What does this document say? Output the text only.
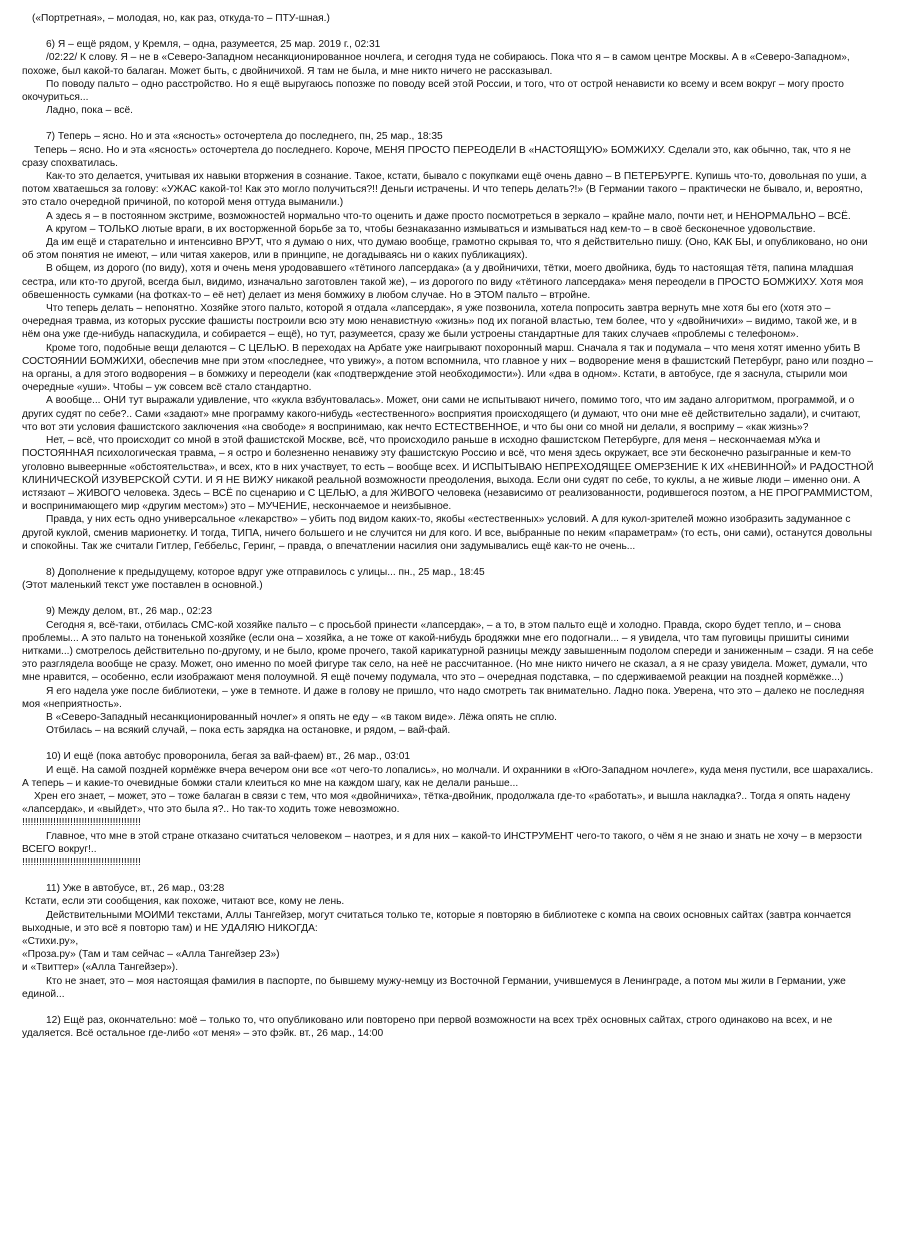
(«Портретная», – молодая, но, как раз, откуда-то – ПТУ-шная.)

6) Я – ещё рядом, у Кремля, – одна, разумеется, 25 мар. 2019 г., 02:31

/02:22/ К слову. Я – не в «Северо-Западном несанкционированное ночлега, и сегодня туда не собираюсь. Пока что я – в самом центре Москвы. А в «Северо-Западном», похоже, был какой-то балаган. Может быть, с двойничихой. Я там не была, и мне никто ничего не рассказывал.

По поводу пальто – одно расстройство. Но я ещё выругаюсь попозже по поводу всей этой России, и того, что от острой ненависти ко всему и всем вокруг – могу просто окочуриться...

Ладно, пока – всё.

7) Теперь – ясно. Но и эта «ясность» осточертела до последнего, пн, 25 мар., 18:35

Теперь – ясно. Но и эта «ясность» осточертела до последнего. Короче, МЕНЯ ПРОСТО ПЕРЕОДЕЛИ В «НАСТОЯЩУЮ» БОМЖИХУ. Сделали это, как обычно, так, что я не сразу спохватилась.

Как-то это делается, учитывая их навыки вторжения в сознание. Такое, кстати, бывало с покупками ещё очень давно – В ПЕТЕРБУРГЕ. Купишь что-то, довольная по уши, а потом хватаешься за голову: «УЖАС какой-то! Как это могло получиться?!! Деньги истрачены. И что теперь делать?!» (В Германии такого – практически не бывало, и, вероятно, это стало очередной причиной, по которой меня оттуда выманили.)

А здесь я – в постоянном экстриме, возможностей нормально что-то оценить и даже просто посмотреться в зеркало – крайне мало, почти нет, и НЕНОРМАЛЬНО – ВСЁ.

А кругом – ТОЛЬКО лютые враги, в их восторженной борьбе за то, чтобы безнаказанно измываться и измываться над кем-то – в своё бесконечное удовольствие.

Да им ещё и старательно и интенсивно ВРУТ, что я думаю о них, что думаю вообще, грамотно скрывая то, что я действительно пишу. (Оно, КАК БЫ, и опубликовано, но они об этом понятия не имеют, – или читая хакеров, или в принципе, не догадываясь ни о каких публикациях).

В общем, из дорого (по виду), хотя и очень меня уродовавшего «тётиного лапсердака» (а у двойничихи, тётки, моего двойника, будь то настоящая тётя, папина младшая сестра, или кто-то другой, всегда был, видимо, изначально заготовлен такой же), – из дорогого по виду «тётиного лапсердака» меня переодели в ПРОСТО БОМЖИХУ. Хотя моя обвешенность сумками (на фотках-то – её нет) делает из меня бомжиху в любом случае. Но в ЭТОМ пальто – втройне.

Что теперь делать – непонятно. Хозяйке этого пальто, которой я отдала «лапсердак», я уже позвонила, хотела попросить завтра вернуть мне хотя бы его (хотя это – очередная травма, из которых русские фашисты построили всю эту мою ненавистную «жизнь» под их поганой властью, тем более, что у «двойничихи» – видимо, такой же, и в нём она уже где-нибудь напаскудила, и собирается – ещё), но тут, разумеется, сразу же были устроены стандартные для таких случаев «проблемы с телефоном».

Кроме того, подобные вещи делаются – С ЦЕЛЬЮ. В переходах на Арбате уже наигрывают похоронный марш. Сначала я так и подумала – что меня хотят именно убить В СОСТОЯНИИ БОМЖИХИ, обеспечив мне при этом «последнее, что увижу», а потом вспомнила, что главное у них – водворение меня в фашистский Петербург, рано или поздно – на органы, а для этого водворения – в бомжиху и переодели (как «подтверждение этой необходимости»). Или «два в одном». Кстати, в автобусе, где я заснула, стырили мои очередные «уши». Чтобы – уж совсем всё стало стандартно.

А вообще... ОНИ тут выражали удивление, что «кукла взбунтовалась». Может, они сами не испытывают ничего, помимо того, что им задано алгоритмом, программой, и о других судят по себе?.. Сами «задают» мне программу какого-нибудь «естественного» восприятия происходящего (и думают, что они мне её действительно задали), и считают, что вот эти условия фашистского заключения «на свободе» я воспринимаю, как нечто ЕСТЕСТВЕННОЕ, и что бы они со мной ни делали, я восприму – «как жизнь»?

Нет, – всё, что происходит со мной в этой фашистской Москве, всё, что происходило раньше в исходно фашистском Петербурге, для меня – нескончаемая мУка и ПОСТОЯННАЯ психологическая травма, – я остро и болезненно ненавижу эту фашистскую Россию и всё, что меня здесь окружает, все эти бесконечно разыгранные и кем-то уголовно вывеернные «обстоятельства», и всех, кто в них участвует, то есть – вообще всех. И ИСПЫТЫВАЮ НЕПРЕХОДЯЩЕЕ ОМЕРЗЕНИЕ К ИХ «НЕВИННОЙ» И РАДОСТНОЙ КЛИНИЧЕСКОЙ ИЗУВЕРСКОЙ СУТИ. И Я НЕ ВИЖУ никакой реальной возможности преодоления, выхода. Если они судят по себе, то куклы, а не живые люди – именно они. А истязают – ЖИВОГО человека. Здесь – ВСЁ по сценарию и С ЦЕЛЬЮ, а для ЖИВОГО человека (независимо от реализованности, родившегося поэтом, а НЕ ПРОГРАММИСТОМ, и воспринимающего мир «другим местом») это – МУЧЕНИЕ, нескончаемое и неизбывное.

Правда, у них есть одно универсальное «лекарство» – убить под видом каких-то, якобы «естественных» условий. А для кукол-зрителей можно изобразить задуманное с другой куклой, сменив марионетку. И тогда, ТИПА, ничего большего и не случится ни для кого. И все, выбранные по неким «параметрам» (то есть, они сами), останутся довольны и спокойны. Так же считали Гитлер, Геббельс, Геринг, – правда, о впечатлении насилия они задумывались ещё как-то не очень...

8) Дополнение к предыдущему, которое вдруг уже отправилось с улицы... пн., 25 мар., 18:45

(Этот маленький текст уже поставлен в основной.)

9) Между делом, вт., 26 мар., 02:23

Сегодня я, всё-таки, отбилась СМС-кой хозяйке пальто – с просьбой принести «лапсердак», – а то, в этом пальто ещё и холодно. Правда, скоро будет тепло, и – снова проблемы... А это пальто на тоненькой хозяйке (если она – хозяйка, а не тоже от какой-нибудь бродяжки мне его подогнали... – я увидела, что там пуговицы пришиты синими нитками...) смотрелось действительно по-другому, и не было, кроме прочего, такой карикатурной разницы между завышенным подолом спереди и заниженным – сзади. Я на себе это разглядела вообще не сразу. Может, оно именно по моей фигуре так село, на неё не рассчитанное. (Но мне никто ничего не сказал, а я не сразу увидела. Может, думали, что мне нравится, – особенно, если изображают меня полоумной. Я ещё почему подумала, что это – очередная подставка, – по сдерживаемой реакции на поздней кормёжке...)

Я его надела уже после библиотеки, – уже в темноте. И даже в голову не пришло, что надо смотреть так внимательно. Ладно пока. Уверена, что это – далеко не последняя моя «неприятность».

В «Северо-Западный несанкционированный ночлег» я опять не еду – «в таком виде». Лёжа опять не сплю.

Отбилась – на всякий случай, – пока есть зарядка на остановке, и рядом, – вай-фай.

10) И ещё (пока автобус проворонила, бегая за вай-фаем) вт., 26 мар., 03:01

И ещё. На самой поздней кормёжке вчера вечером они все «от чего-то лопались», но молчали. И охранники в «Юго-Западном ночлеге», куда меня пустили, все шарахались. А теперь – и какие-то очевидные бомжи стали клеиться ко мне на каждом шагу, как не делали раньше...

Хрен его знает, – может, это – тоже балаган в связи с тем, что моя «двойничиха», тётка-двойник, продолжала где-то «работать», и вышла накладка?.. Тогда я опять надену «лапсердак», и «выйдет», что это была я?.. Но так-то ходить тоже невозможно.

!!!!!!!!!!!!!!!!!!!!!!!!!!!!!!!!!!!!!!!!!!

Главное, что мне в этой стране отказано считаться человеком – наотрез, и я для них – какой-то ИНСТРУМЕНТ чего-то такого, о чём я не знаю и знать не хочу – в мерзости ВСЕГО вокруг!..

!!!!!!!!!!!!!!!!!!!!!!!!!!!!!!!!!!!!!!!!!!

11) Уже в автобусе, вт., 26 мар., 03:28

Кстати, если эти сообщения, как похоже, читают все, кому не лень.

Действительными МОИМИ текстами, Аллы Тангейзер, могут считаться только те, которые я повторяю в библиотеке с компа на своих основных сайтах (завтра кончается выходные, и это всё я повторю там) и НЕ УДАЛЯЮ НИКОГДА:

«Стихи.ру»,

«Проза.ру» (Там и там сейчас – «Алла Тангейзер 23»)

и «Твиттер» («Алла Тангейзер»).

Кто не знает, это – моя настоящая фамилия в паспорте, по бывшему мужу-немцу из Восточной Германии, учившемуся в Ленинграде, а потом мы жили в Германии, уже единой...

12) Ещё раз, окончательно: моё – только то, что опубликовано или повторено при первой возможности на всех трёх основных сайтах, строго одинаково на всех, и не удаляется. Всё остальное где-либо «от меня» – это фэйк. вт., 26 мар., 14:00
